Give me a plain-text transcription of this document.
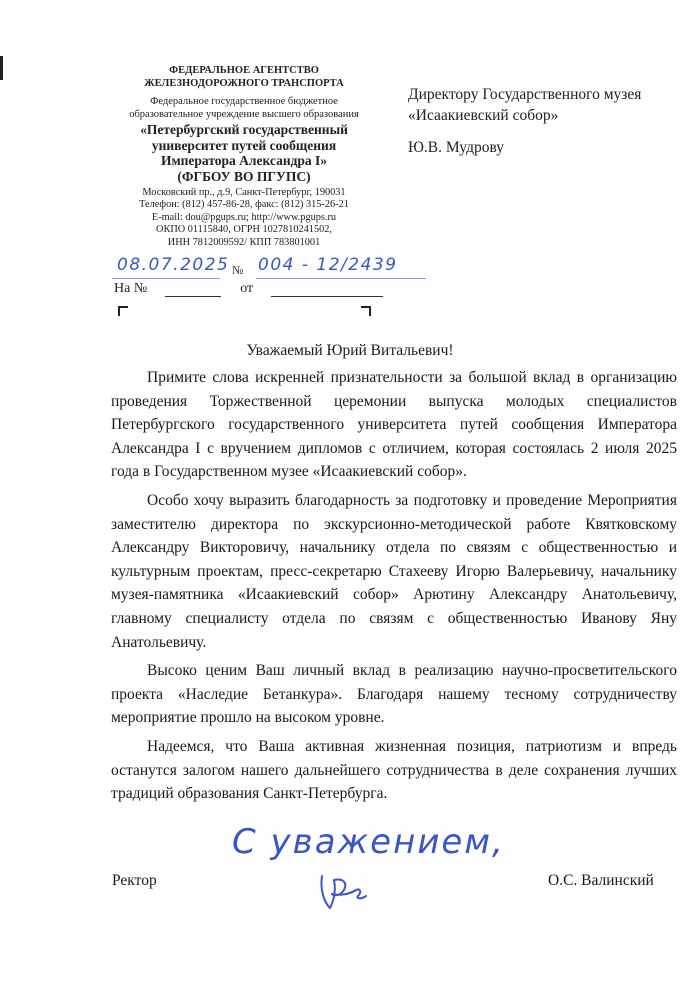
ФЕДЕРАЛЬНОЕ АГЕНТСТВО
ЖЕЛЕЗНОДОРОЖНОГО ТРАНСПОРТА
Федеральное государственное бюджетное
образовательное учреждение высшего образования
«Петербургский государственный
университет путей сообщения
Императора Александра I»
(ФГБОУ ВО ПГУПС)
Московский пр., д.9, Санкт-Петербург, 190031
Телефон: (812) 457-86-28, факс: (812) 315-26-21
E-mail: dou@pgups.ru; http://www.pgups.ru
ОКПО 01115840, ОГРН 1027810241502,
ИНН 7812009592/ КПП 783801001
Директору Государственного музея
«Исаакиевский собор»
Ю.В. Мудрову
08.07.2025 № 004 - 12/2439
На №	от
Уважаемый Юрий Витальевич!

Примите слова искренней признательности за большой вклад в организацию проведения Торжественной церемонии выпуска молодых специалистов Петербургского государственного университета путей сообщения Императора Александра I с вручением дипломов с отличием, которая состоялась 2 июля 2025 года в Государственном музее «Исаакиевский собор».

Особо хочу выразить благодарность за подготовку и проведение Мероприятия заместителю директора по экскурсионно-методической работе Квятковскому Александру Викторовичу, начальнику отдела по связям с общественностью и культурным проектам, пресс-секретарю Стахееву Игорю Валерьевичу, начальнику музея-памятника «Исаакиевский собор» Арютину Александру Анатольевичу, главному специалисту отдела по связям с общественностью Иванову Яну Анатольевичу.

Высоко ценим Ваш личный вклад в реализацию научно-просветительского проекта «Наследие Бетанкура». Благодаря нашему тесному сотрудничеству мероприятие прошло на высоком уровне.

Надеемся, что Ваша активная жизненная позиция, патриотизм и впредь останутся залогом нашего дальнейшего сотрудничества в деле сохранения лучших традиций образования Санкт-Петербурга.

С уважением,
Ректор	О.С. Валинский
